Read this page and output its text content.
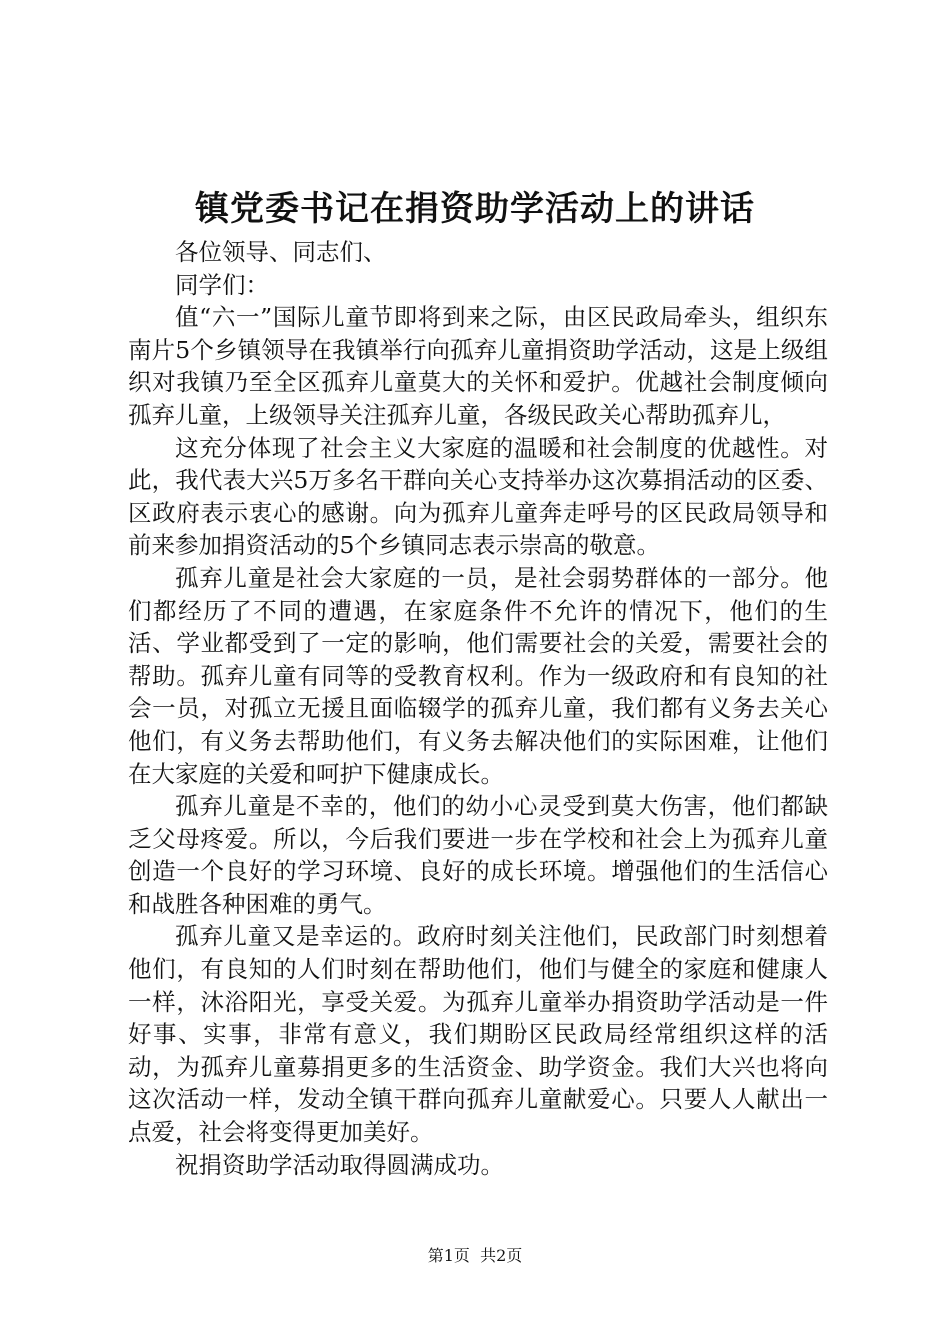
镇党委书记在捐资助学活动上的讲话

各位领导、同志们、

同学们：

值“六一”国际儿童节即将到来之际，由区民政局牵头，组织东南片5个乡镇领导在我镇举行向孤弃儿童捐资助学活动，这是上级组织对我镇乃至全区孤弃儿童莫大的关怀和爱护。优越社会制度倾向孤弃儿童，上级领导关注孤弃儿童，各级民政关心帮助孤弃儿，

这充分体现了社会主义大家庭的温暖和社会制度的优越性。对此，我代表大兴5万多名干群向关心支持举办这次募捐活动的区委、区政府表示衷心的感谢。向为孤弃儿童奔走呼号的区民政局领导和前来参加捐资活动的5个乡镇同志表示崇高的敬意。

孤弃儿童是社会大家庭的一员，是社会弱势群体的一部分。他们都经历了不同的遭遇，在家庭条件不允许的情况下，他们的生活、学业都受到了一定的影响，他们需要社会的关爱，需要社会的帮助。孤弃儿童有同等的受教育权利。作为一级政府和有良知的社会一员，对孤立无援且面临辍学的孤弃儿童，我们都有义务去关心他们，有义务去帮助他们，有义务去解决他们的实际困难，让他们在大家庭的关爱和呵护下健康成长。

孤弃儿童是不幸的，他们的幼小心灵受到莫大伤害，他们都缺乏父母疼爱。所以，今后我们要进一步在学校和社会上为孤弃儿童创造一个良好的学习环境、良好的成长环境。增强他们的生活信心和战胜各种困难的勇气。

孤弃儿童又是幸运的。政府时刻关注他们，民政部门时刻想着他们，有良知的人们时刻在帮助他们，他们与健全的家庭和健康人一样，沐浴阳光，享受关爱。为孤弃儿童举办捐资助学活动是一件好事、实事，非常有意义，我们期盼区民政局经常组织这样的活动，为孤弃儿童募捐更多的生活资金、助学资金。我们大兴也将向这次活动一样，发动全镇干群向孤弃儿童献爱心。只要人人献出一点爱，社会将变得更加美好。

祝捐资助学活动取得圆满成功。

第1页 共2页
